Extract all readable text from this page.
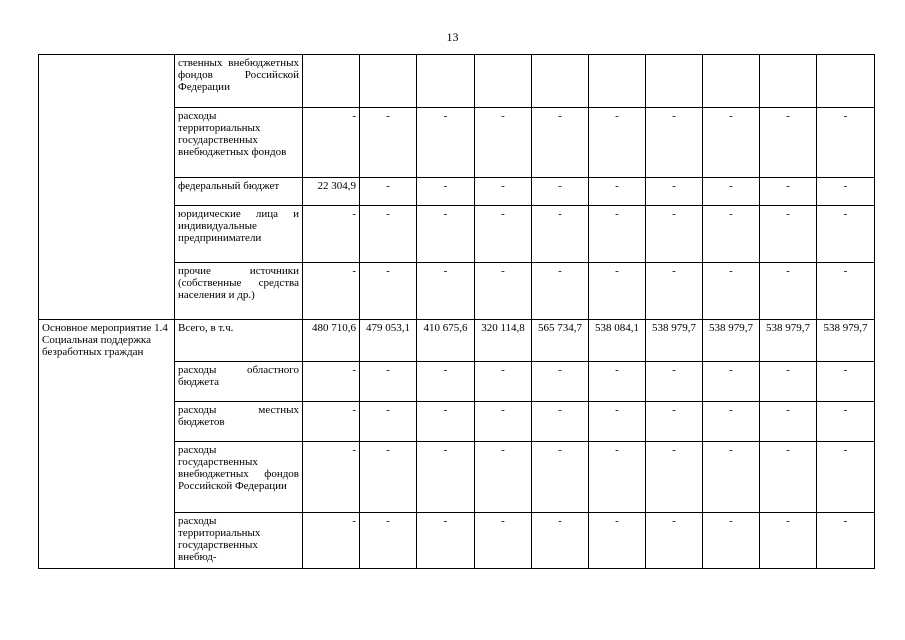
13
	ственных внебюджетных фондов Российской Федерации										
	расходы территориальных государственных внебюджетных фондов	-	-	-	-	-	-	-	-	-	-
	федеральный бюджет	22 304,9	-	-	-	-	-	-	-	-	-
	юридические лица и индивидуальные предприниматели	-	-	-	-	-	-	-	-	-	-
	прочие источники (собственные средства населения и др.)	-	-	-	-	-	-	-	-	-	-

Основное мероприятие 1.4
Социальная поддержка безработных граждан	Всего, в т.ч.	480 710,6	479 053,1	410 675,6	320 114,8	565 734,7	538 084,1	538 979,7	538 979,7	538 979,7	538 979,7
	расходы областного бюджета	-	-	-	-	-	-	-	-	-	-
	расходы местных бюджетов	-	-	-	-	-	-	-	-	-	-
	расходы государственных внебюджетных фондов Российской Федерации	-	-	-	-	-	-	-	-	-	-
	расходы территориальных государственных внебюд-	-	-	-	-	-	-	-	-	-	-
